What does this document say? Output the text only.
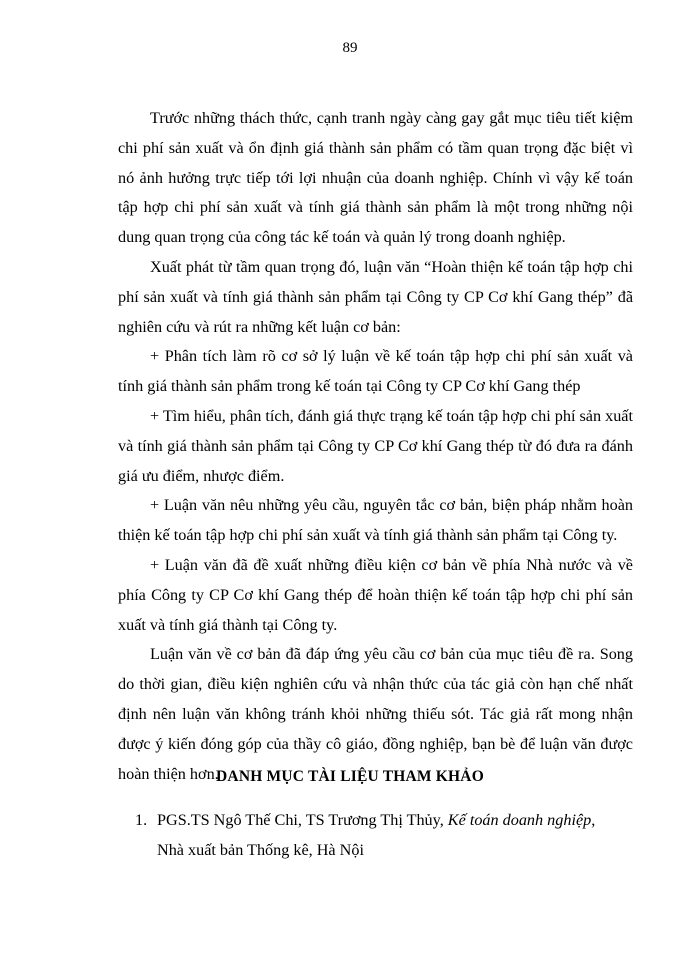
89

Trước những thách thức, cạnh tranh ngày càng gay gắt mục tiêu tiết kiệm chi phí sản xuất và ổn định giá thành sản phẩm có tầm quan trọng đặc biệt vì nó ảnh hưởng trực tiếp tới lợi nhuận của doanh nghiệp. Chính vì vậy kế toán tập hợp chi phí sản xuất và tính giá thành sản phẩm là một trong những nội dung quan trọng của công tác kế toán và quản lý trong doanh nghiệp.

Xuất phát từ tầm quan trọng đó, luận văn “Hoàn thiện kế toán tập hợp chi phí sản xuất và tính giá thành sản phẩm tại Công ty CP Cơ khí Gang thép” đã nghiên cứu và rút ra những kết luận cơ bản:

+ Phân tích làm rõ cơ sở lý luận về kế toán tập hợp chi phí sản xuất và tính giá thành sản phẩm trong kế toán tại Công ty CP Cơ khí Gang thép

+ Tìm hiểu, phân tích, đánh giá thực trạng kế toán tập hợp chi phí sản xuất và tính giá thành sản phẩm tại Công ty CP Cơ khí Gang thép từ đó đưa ra đánh giá ưu điểm, nhược điểm.

+ Luận văn nêu những yêu cầu, nguyên tắc cơ bản, biện pháp nhằm hoàn thiện kế toán tập hợp chi phí sản xuất và tính giá thành sản phẩm tại Công ty.

+ Luận văn đã đề xuất những điều kiện cơ bản về phía Nhà nước và về phía Công ty CP Cơ khí Gang thép để hoàn thiện kế toán tập hợp chi phí sản xuất và tính giá thành tại Công ty.

Luận văn về cơ bản đã đáp ứng yêu cầu cơ bản của mục tiêu đề ra. Song do thời gian, điều kiện nghiên cứu và nhận thức của tác giả còn hạn chế nhất định nên luận văn không tránh khỏi những thiếu sót. Tác giả rất mong nhận được ý kiến đóng góp của thầy cô giáo, đồng nghiệp, bạn bè để luận văn được hoàn thiện hơn.

DANH MỤC TÀI LIỆU THAM KHẢO
1. PGS.TS Ngô Thế Chi, TS Trương Thị Thủy, Kế toán doanh nghiệp,
Nhà xuất bản Thống kê, Hà Nội
